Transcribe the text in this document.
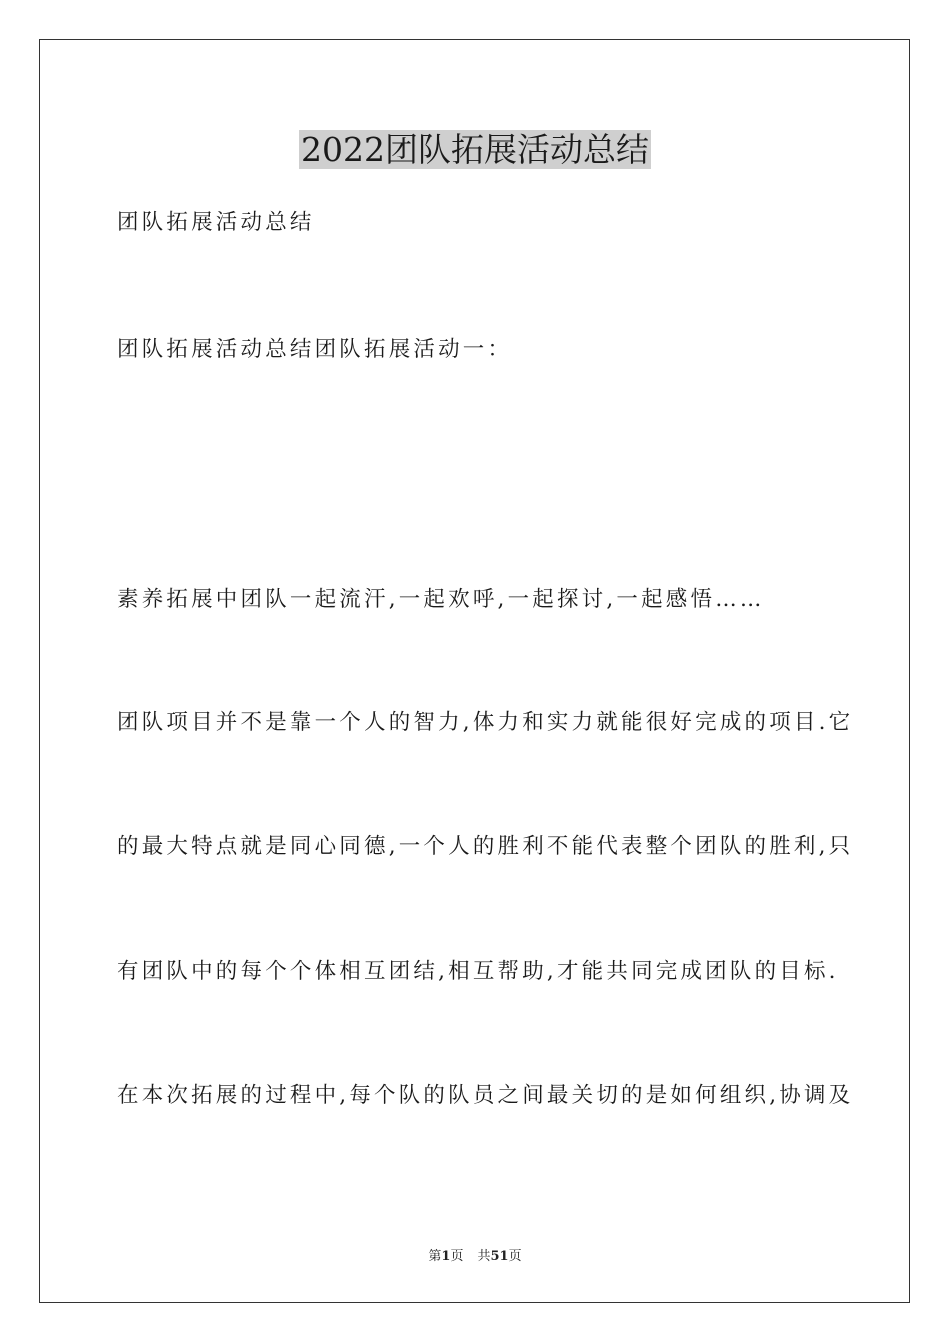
2022团队拓展活动总结

团队拓展活动总结

团队拓展活动总结团队拓展活动一：

素养拓展中团队一起流汗,一起欢呼,一起探讨,一起感悟……

团队项目并不是靠一个人的智力,体力和实力就能很好完成的项目.它

的最大特点就是同心同德,一个人的胜利不能代表整个团队的胜利,只

有团队中的每个个体相互团结,相互帮助,才能共同完成团队的目标.

在本次拓展的过程中,每个队的队员之间最关切的是如何组织,协调及

第1页 共51页
